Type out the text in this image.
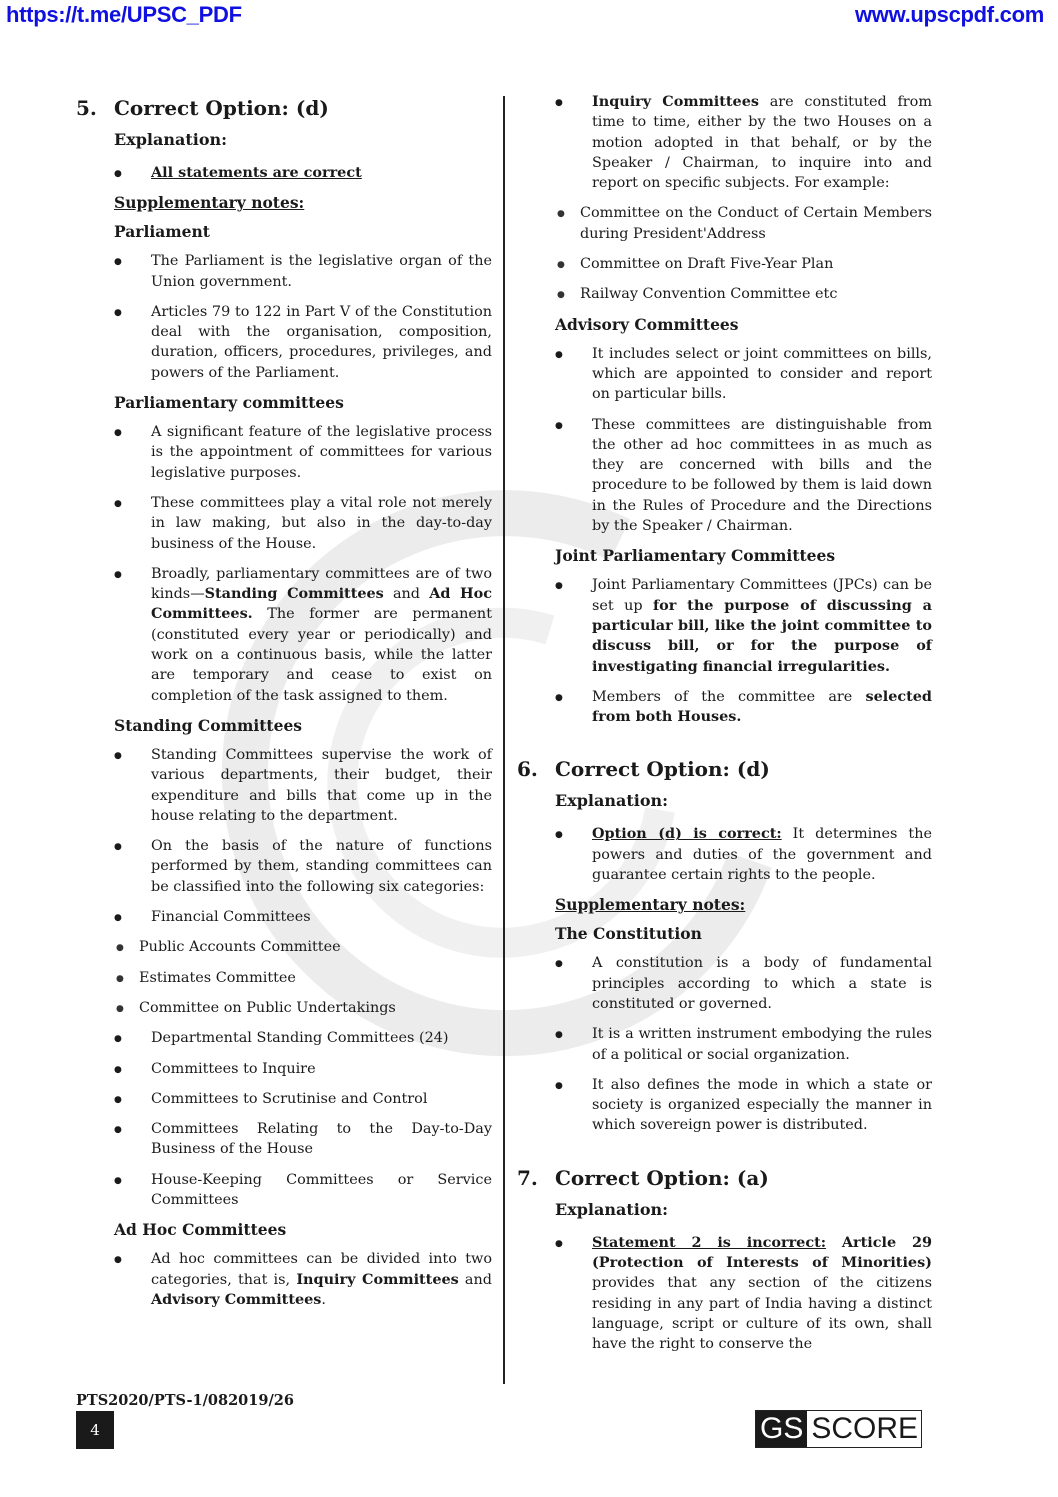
https://t.me/UPSC_PDF	www.upscpdf.com
5. Correct Option: (d)
Explanation:
● All statements are correct
Supplementary notes:
Parliament
● The Parliament is the legislative organ of the Union government.
● Articles 79 to 122 in Part V of the Constitution deal with the organisation, composition, duration, officers, procedures, privileges, and powers of the Parliament.
Parliamentary committees
● A significant feature of the legislative process is the appointment of committees for various legislative purposes.
● These committees play a vital role not merely in law making, but also in the day-to-day business of the House.
● Broadly, parliamentary committees are of two kinds—Standing Committees and Ad Hoc Committees. The former are permanent (constituted every year or periodically) and work on a continuous basis, while the latter are temporary and cease to exist on completion of the task assigned to them.
Standing Committees
● Standing Committees supervise the work of various departments, their budget, their expenditure and bills that come up in the house relating to the department.
● On the basis of the nature of functions performed by them, standing committees can be classified into the following six categories:
● Financial Committees
● Public Accounts Committee
● Estimates Committee
● Committee on Public Undertakings
● Departmental Standing Committees (24)
● Committees to Inquire
● Committees to Scrutinise and Control
● Committees Relating to the Day-to-Day Business of the House
● House-Keeping Committees or Service Committees
Ad Hoc Committees
● Ad hoc committees can be divided into two categories, that is, Inquiry Committees and Advisory Committees.
● Inquiry Committees are constituted from time to time, either by the two Houses on a motion adopted in that behalf, or by the Speaker / Chairman, to inquire into and report on specific subjects. For example:
● Committee on the Conduct of Certain Members during President'Address
● Committee on Draft Five-Year Plan
● Railway Convention Committee etc
Advisory Committees
● It includes select or joint committees on bills, which are appointed to consider and report on particular bills.
● These committees are distinguishable from the other ad hoc committees in as much as they are concerned with bills and the procedure to be followed by them is laid down in the Rules of Procedure and the Directions by the Speaker / Chairman.
Joint Parliamentary Committees
● Joint Parliamentary Committees (JPCs) can be set up for the purpose of discussing a particular bill, like the joint committee to discuss bill, or for the purpose of investigating financial irregularities.
● Members of the committee are selected from both Houses.
6. Correct Option: (d)
Explanation:
● Option (d) is correct: It determines the powers and duties of the government and guarantee certain rights to the people.
Supplementary notes:
The Constitution
● A constitution is a body of fundamental principles according to which a state is constituted or governed.
● It is a written instrument embodying the rules of a political or social organization.
● It also defines the mode in which a state or society is organized especially the manner in which sovereign power is distributed.
7. Correct Option: (a)
Explanation:
● Statement 2 is incorrect: Article 29 (Protection of Interests of Minorities) provides that any section of the citizens residing in any part of India having a distinct language, script or culture of its own, shall have the right to conserve the
PTS2020/PTS-1/082019/26
4	GS SCORE
